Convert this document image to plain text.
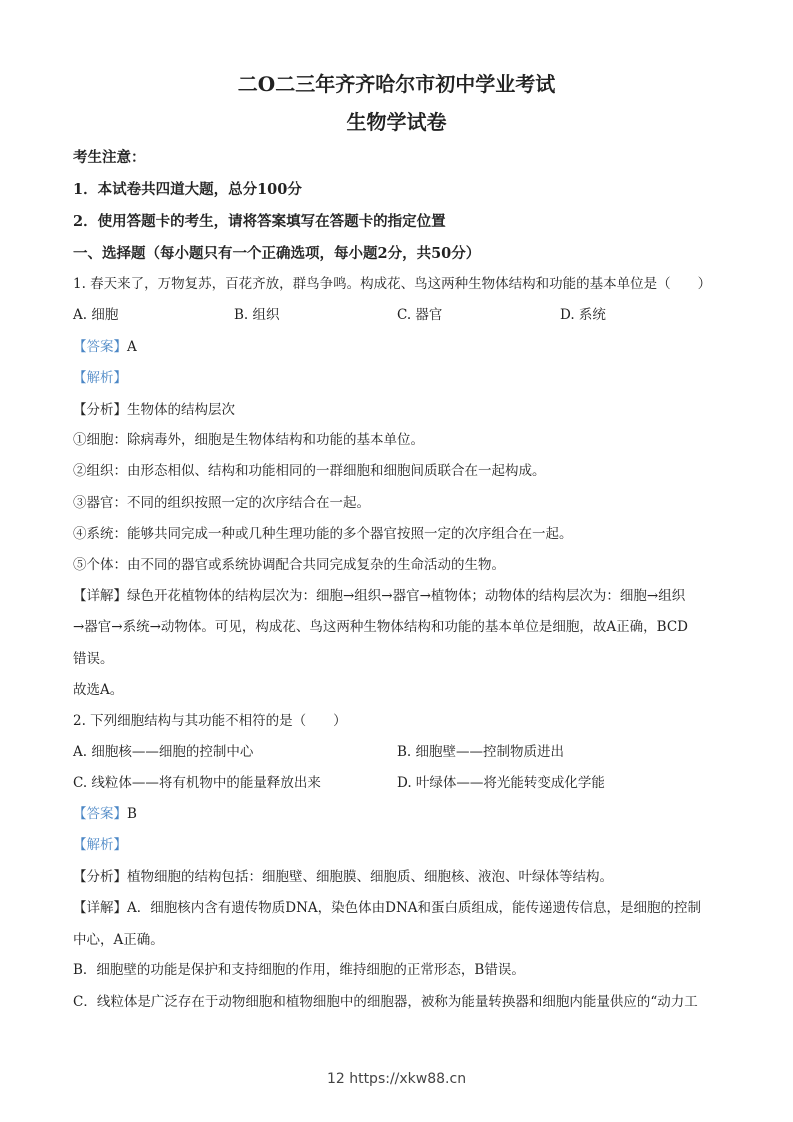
二O二三年齐齐哈尔市初中学业考试
生物学试卷
考生注意：
1．本试卷共四道大题，总分100分
2．使用答题卡的考生，请将答案填写在答题卡的指定位置
一、选择题（每小题只有一个正确选项，每小题2分，共50分）
1. 春天来了，万物复苏，百花齐放，群鸟争鸣。构成花、鸟这两种生物体结构和功能的基本单位是（　　）
A. 细胞	B. 组织	C. 器官	D. 系统
【答案】A
【解析】
【分析】生物体的结构层次
①细胞：除病毒外，细胞是生物体结构和功能的基本单位。
②组织：由形态相似、结构和功能相同的一群细胞和细胞间质联合在一起构成。
③器官：不同的组织按照一定的次序结合在一起。
④系统：能够共同完成一种或几种生理功能的多个器官按照一定的次序组合在一起。
⑤个体：由不同的器官或系统协调配合共同完成复杂的生命活动的生物。
【详解】绿色开花植物体的结构层次为：细胞→组织→器官→植物体；动物体的结构层次为：细胞→组织
→器官→系统→动物体。可见，构成花、鸟这两种生物体结构和功能的基本单位是细胞，故A正确，BCD
错误。
故选A。
2. 下列细胞结构与其功能不相符的是（　　）
A. 细胞核——细胞的控制中心	B. 细胞壁——控制物质进出
C. 线粒体——将有机物中的能量释放出来	D. 叶绿体——将光能转变成化学能
【答案】B
【解析】
【分析】植物细胞的结构包括：细胞壁、细胞膜、细胞质、细胞核、液泡、叶绿体等结构。
【详解】A．细胞核内含有遗传物质DNA，染色体由DNA和蛋白质组成，能传递遗传信息，是细胞的控制
中心，A正确。
B．细胞壁的功能是保护和支持细胞的作用，维持细胞的正常形态，B错误。
C．线粒体是广泛存在于动物细胞和植物细胞中的细胞器，被称为能量转换器和细胞内能量供应的“动力工
12 https://xkw88.cn
